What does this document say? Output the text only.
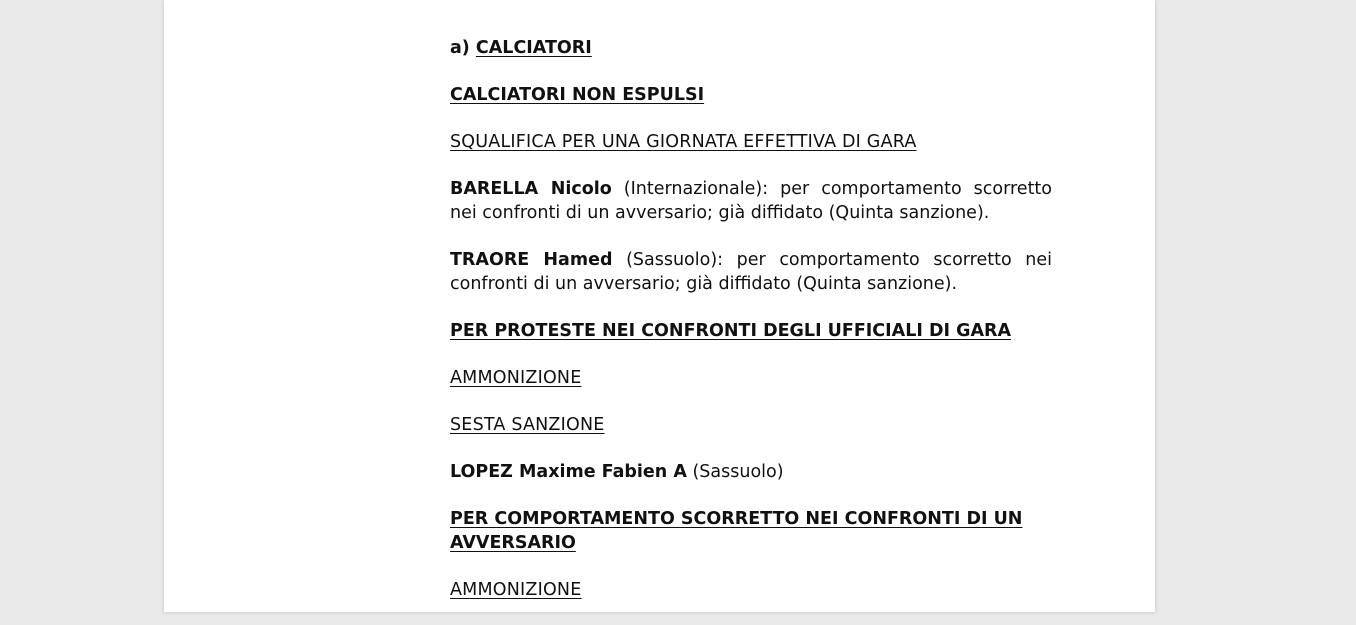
a) CALCIATORI

CALCIATORI NON ESPULSI

SQUALIFICA PER UNA GIORNATA EFFETTIVA DI GARA

BARELLA Nicolo (Internazionale): per comportamento scorretto nei confronti di un avversario; già diffidato (Quinta sanzione).

TRAORE Hamed (Sassuolo): per comportamento scorretto nei confronti di un avversario; già diffidato (Quinta sanzione).

PER PROTESTE NEI CONFRONTI DEGLI UFFICIALI DI GARA

AMMONIZIONE

SESTA SANZIONE

LOPEZ Maxime Fabien A (Sassuolo)

PER COMPORTAMENTO SCORRETTO NEI CONFRONTI DI UN AVVERSARIO

AMMONIZIONE
